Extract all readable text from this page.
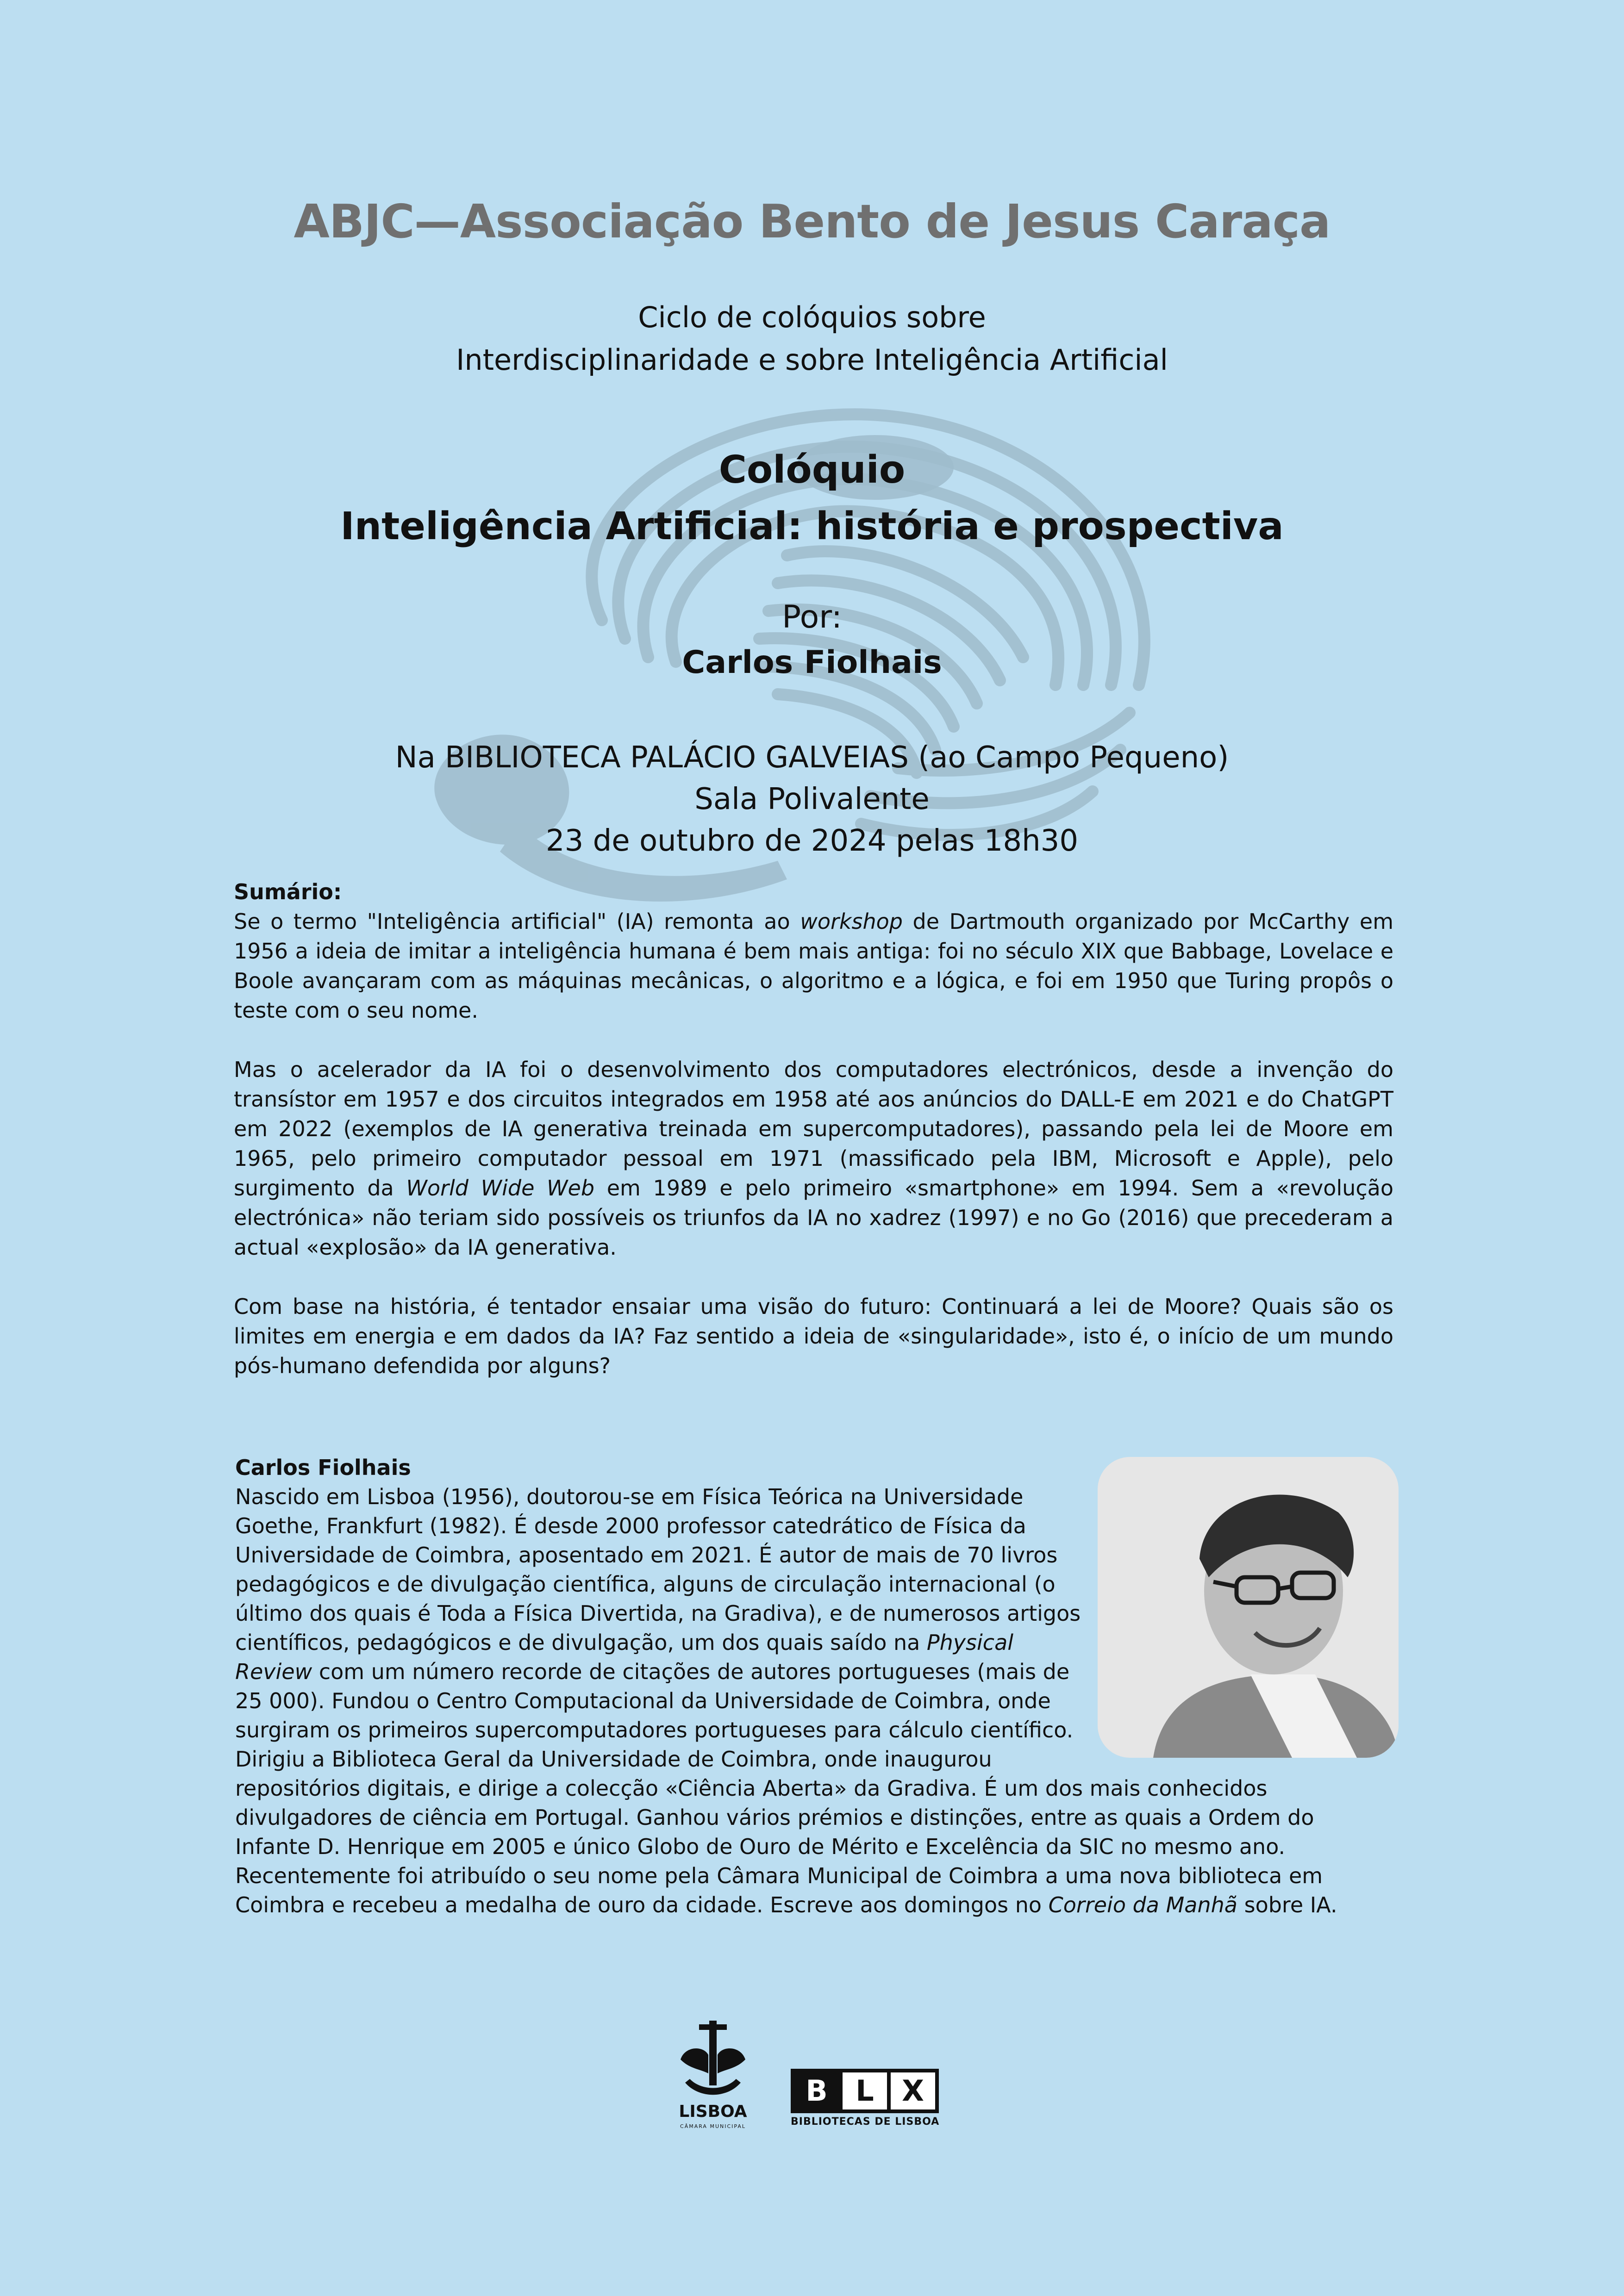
ABJC—Associação Bento de Jesus Caraça
Ciclo de colóquios sobre
Interdisciplinaridade e sobre Inteligência Artificial
Colóquio
Inteligência Artificial: história e prospectiva
Por:
Carlos Fiolhais
Na BIBLIOTECA PALÁCIO GALVEIAS (ao Campo Pequeno)
Sala Polivalente
23 de outubro de 2024 pelas 18h30
Sumário:

Se o termo "Inteligência artificial" (IA) remonta ao workshop de Dartmouth organizado por McCarthy em 1956 a ideia de imitar a inteligência humana é bem mais antiga: foi no século XIX que Babbage, Lovelace e Boole avançaram com as máquinas mecânicas, o algoritmo e a lógica, e foi em 1950 que Turing propôs o teste com o seu nome.

Mas o acelerador da IA foi o desenvolvimento dos computadores electrónicos, desde a invenção do transístor em 1957 e dos circuitos integrados em 1958 até aos anúncios do DALL-E em 2021 e do ChatGPT em 2022 (exemplos de IA generativa treinada em supercomputadores), passando pela lei de Moore em 1965, pelo primeiro computador pessoal em 1971 (massificado pela IBM, Microsoft e Apple), pelo surgimento da World Wide Web em 1989 e pelo primeiro «smartphone» em 1994. Sem a «revolução electrónica» não teriam sido possíveis os triunfos da IA no xadrez (1997) e no Go (2016) que precederam a actual «explosão» da IA generativa.

Com base na história, é tentador ensaiar uma visão do futuro: Continuará a lei de Moore? Quais são os limites em energia e em dados da IA? Faz sentido a ideia de «singularidade», isto é, o início de um mundo pós-humano defendida por alguns?

Carlos Fiolhais

Nascido em Lisboa (1956), doutorou-se em Física Teórica na Universidade Goethe, Frankfurt (1982). É desde 2000 professor catedrático de Física da Universidade de Coimbra, aposentado em 2021. É autor de mais de 70 livros pedagógicos e de divulgação científica, alguns de circulação internacional (o último dos quais é Toda a Física Divertida, na Gradiva), e de numerosos artigos científicos, pedagógicos e de divulgação, um dos quais saído na Physical Review com um número recorde de citações de autores portugueses (mais de 25 000). Fundou o Centro Computacional da Universidade de Coimbra, onde surgiram os primeiros supercomputadores portugueses para cálculo científico. Dirigiu a Biblioteca Geral da Universidade de Coimbra, onde inaugurou repositórios digitais, e dirige a colecção «Ciência Aberta» da Gradiva. É um dos mais conhecidos divulgadores de ciência em Portugal. Ganhou vários prémios e distinções, entre as quais a Ordem do Infante D. Henrique em 2005 e único Globo de Ouro de Mérito e Excelência da SIC no mesmo ano. Recentemente foi atribuído o seu nome pela Câmara Municipal de Coimbra a uma nova biblioteca em Coimbra e recebeu a medalha de ouro da cidade. Escreve aos domingos no Correio da Manhã sobre IA.

LISBOA
CÂMARA MUNICIPAL
B L X
BIBLIOTECAS DE LISBOA
